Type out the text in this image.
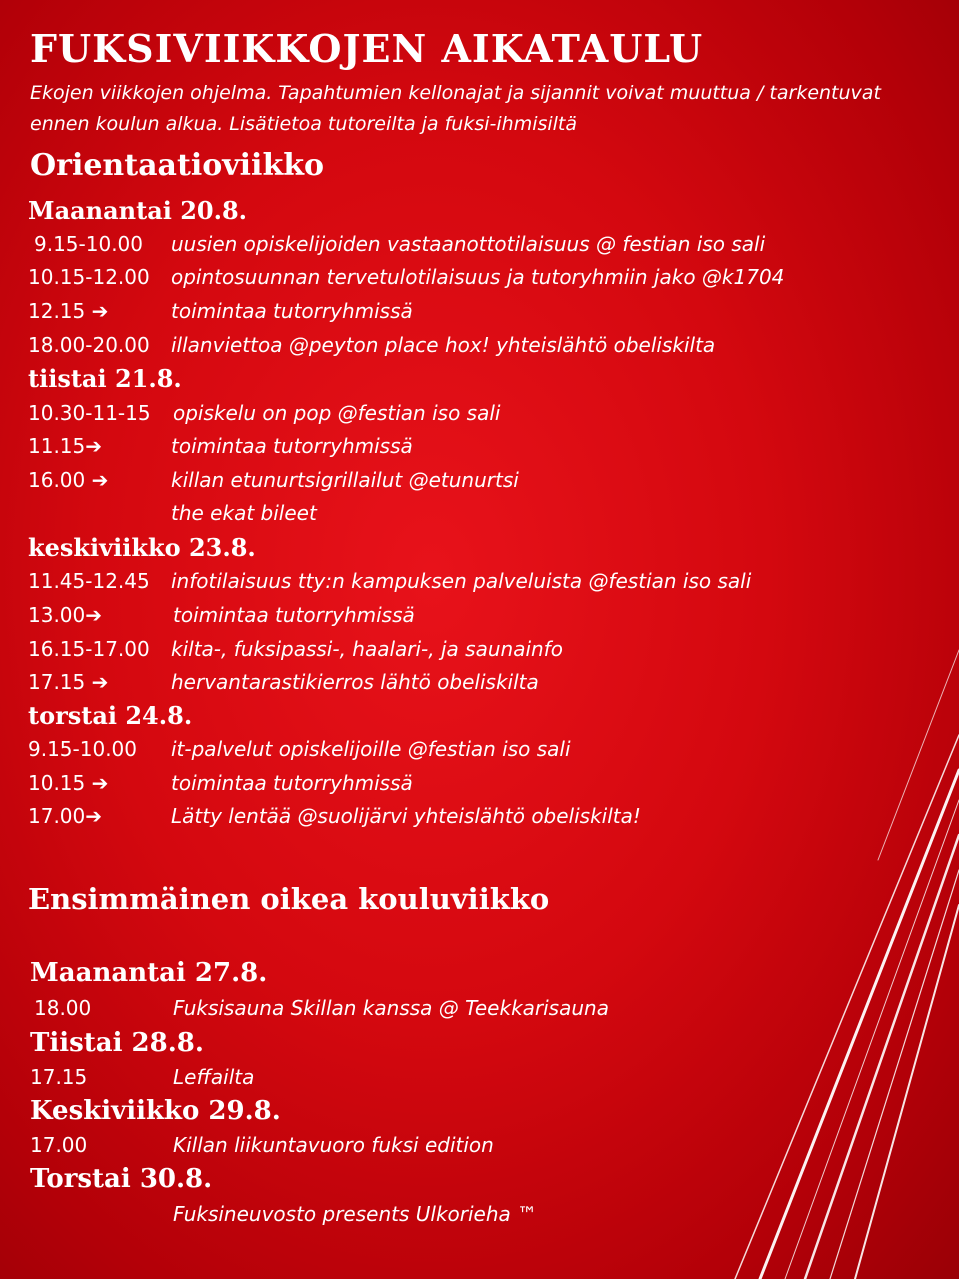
FUKSIVIIKKOJEN AIKATAULU
Ekojen viikkojen ohjelma. Tapahtumien kellonajat ja sijannit voivat muuttua / tarkentuvat ennen koulun alkua. Lisätietoa tutoreilta ja fuksi-ihmisiltä
Orientaatioviikko
Maanantai 20.8.
9.15-10.00 uusien opiskelijoiden vastaanottotilaisuus @ festian iso sali
10.15-12.00 opintosuunnan tervetulotilaisuus ja tutoryhmiin jako @k1704
12.15 ➔	toimintaa tutorryhmissä
18.00-20.00 illanviettoa @peyton place hox! yhteislähtö obeliskilta
tiistai 21.8.
10.30-11-15 opiskelu on pop @festian iso sali
11.15➔	toimintaa tutorryhmissä
16.00 ➔	killan etunurtsigrillailut @etunurtsi
the ekat bileet
keskiviikko 23.8.
11.45-12.45 infotilaisuus tty:n kampuksen palveluista @festian iso sali
13.00➔	toimintaa tutorryhmissä
16.15-17.00 kilta-, fuksipassi-, haalari-, ja saunainfo
17.15 ➔	hervantarastikierros lähtö obeliskilta
torstai 24.8.
9.15-10.00 it-palvelut opiskelijoille @festian iso sali
10.15 ➔	toimintaa tutorryhmissä
17.00➔	Lätty lentää @suolijärvi yhteislähtö obeliskilta!
Ensimmäinen oikea kouluviikko
Maanantai 27.8.
18.00	Fuksisauna Skillan kanssa @ Teekkarisauna
Tiistai 28.8.
17.15	Leffailta
Keskiviikko 29.8.
17.00	Killan liikuntavuoro fuksi edition
Torstai 30.8.
Fuksineuvosto presents Ulkorieha ™
